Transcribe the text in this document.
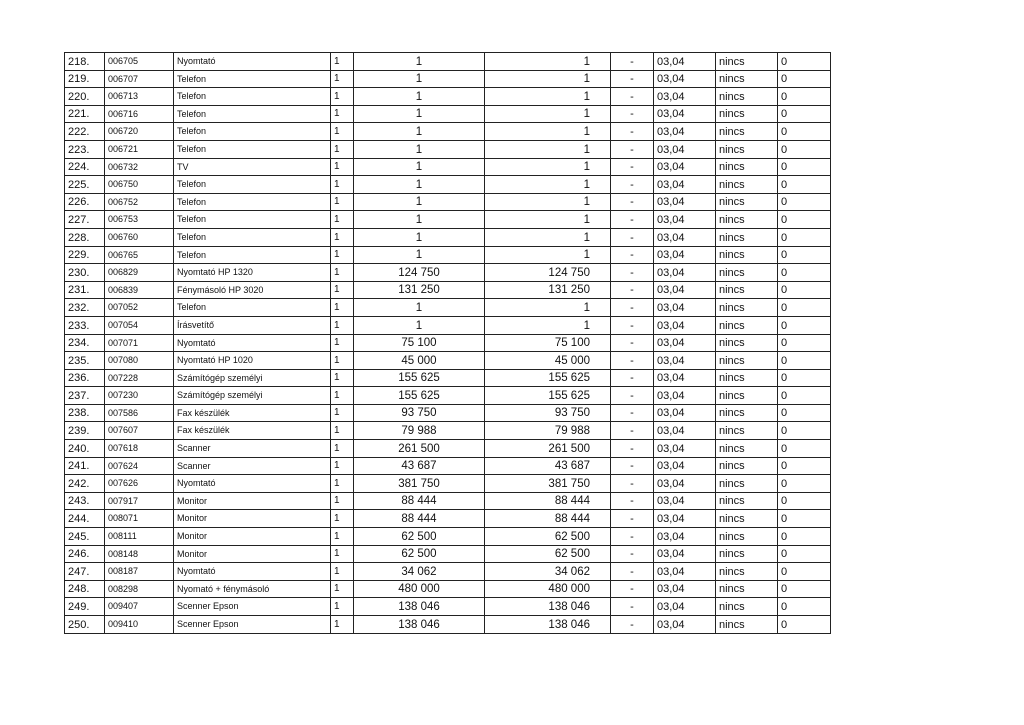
218.	006705	Nyomtató	1	1	1	-	03,04	nincs	0
219.	006707	Telefon	1	1	1	-	03,04	nincs	0
220.	006713	Telefon	1	1	1	-	03,04	nincs	0
221.	006716	Telefon	1	1	1	-	03,04	nincs	0
222.	006720	Telefon	1	1	1	-	03,04	nincs	0
223.	006721	Telefon	1	1	1	-	03,04	nincs	0
224.	006732	TV	1	1	1	-	03,04	nincs	0
225.	006750	Telefon	1	1	1	-	03,04	nincs	0
226.	006752	Telefon	1	1	1	-	03,04	nincs	0
227.	006753	Telefon	1	1	1	-	03,04	nincs	0
228.	006760	Telefon	1	1	1	-	03,04	nincs	0
229.	006765	Telefon	1	1	1	-	03,04	nincs	0
230.	006829	Nyomtató HP 1320	1	124 750	124 750	-	03,04	nincs	0
231.	006839	Fénymásoló HP 3020	1	131 250	131 250	-	03,04	nincs	0
232.	007052	Telefon	1	1	1	-	03,04	nincs	0
233.	007054	Írásvetítő	1	1	1	-	03,04	nincs	0
234.	007071	Nyomtató	1	75 100	75 100	-	03,04	nincs	0
235.	007080	Nyomtató HP 1020	1	45 000	45 000	-	03,04	nincs	0
236.	007228	Számítógép személyi	1	155 625	155 625	-	03,04	nincs	0
237.	007230	Számítógép személyi	1	155 625	155 625	-	03,04	nincs	0
238.	007586	Fax készülék	1	93 750	93 750	-	03,04	nincs	0
239.	007607	Fax készülék	1	79 988	79 988	-	03,04	nincs	0
240.	007618	Scanner	1	261 500	261 500	-	03,04	nincs	0
241.	007624	Scanner	1	43 687	43 687	-	03,04	nincs	0
242.	007626	Nyomtató	1	381 750	381 750	-	03,04	nincs	0
243.	007917	Monitor	1	88 444	88 444	-	03,04	nincs	0
244.	008071	Monitor	1	88 444	88 444	-	03,04	nincs	0
245.	008111	Monitor	1	62 500	62 500	-	03,04	nincs	0
246.	008148	Monitor	1	62 500	62 500	-	03,04	nincs	0
247.	008187	Nyomtató	1	34 062	34 062	-	03,04	nincs	0
248.	008298	Nyomató + fénymásoló	1	480 000	480 000	-	03,04	nincs	0
249.	009407	Scenner Epson	1	138 046	138 046	-	03,04	nincs	0
250.	009410	Scenner Epson	1	138 046	138 046	-	03,04	nincs	0
